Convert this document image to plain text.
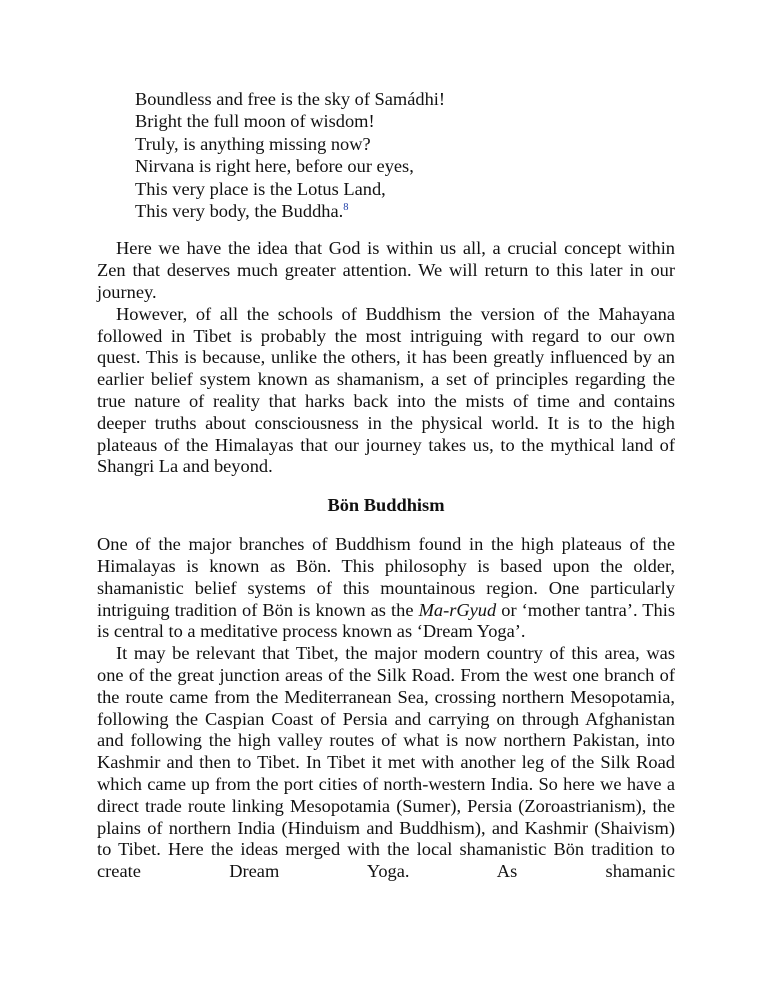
Boundless and free is the sky of Samádhi!
Bright the full moon of wisdom!
Truly, is anything missing now?
Nirvana is right here, before our eyes,
This very place is the Lotus Land,
This very body, the Buddha.$^8$

Here we have the idea that God is within us all, a crucial concept within Zen that deserves much greater attention. We will return to this later in our journey.

However, of all the schools of Buddhism the version of the Mahayana followed in Tibet is probably the most intriguing with regard to our own quest. This is because, unlike the others, it has been greatly influenced by an earlier belief system known as shamanism, a set of principles regarding the true nature of reality that harks back into the mists of time and contains deeper truths about consciousness in the physical world. It is to the high plateaus of the Himalayas that our journey takes us, to the mythical land of Shangri La and beyond.

Bön Buddhism

One of the major branches of Buddhism found in the high plateaus of the Himalayas is known as Bön. This philosophy is based upon the older, shamanistic belief systems of this mountainous region. One particularly intriguing tradition of Bön is known as the Ma-rGyud or ‘mother tantra’. This is central to a meditative process known as ‘Dream Yoga’.

It may be relevant that Tibet, the major modern country of this area, was one of the great junction areas of the Silk Road. From the west one branch of the route came from the Mediterranean Sea, crossing northern Mesopotamia, following the Caspian Coast of Persia and carrying on through Afghanistan and following the high valley routes of what is now northern Pakistan, into Kashmir and then to Tibet. In Tibet it met with another leg of the Silk Road which came up from the port cities of north-western India. So here we have a direct trade route linking Mesopotamia (Sumer), Persia (Zoroastrianism), the plains of northern India (Hinduism and Buddhism), and Kashmir (Shaivism) to Tibet. Here the ideas merged with the local shamanistic Bön tradition to create Dream Yoga. As shamanic
